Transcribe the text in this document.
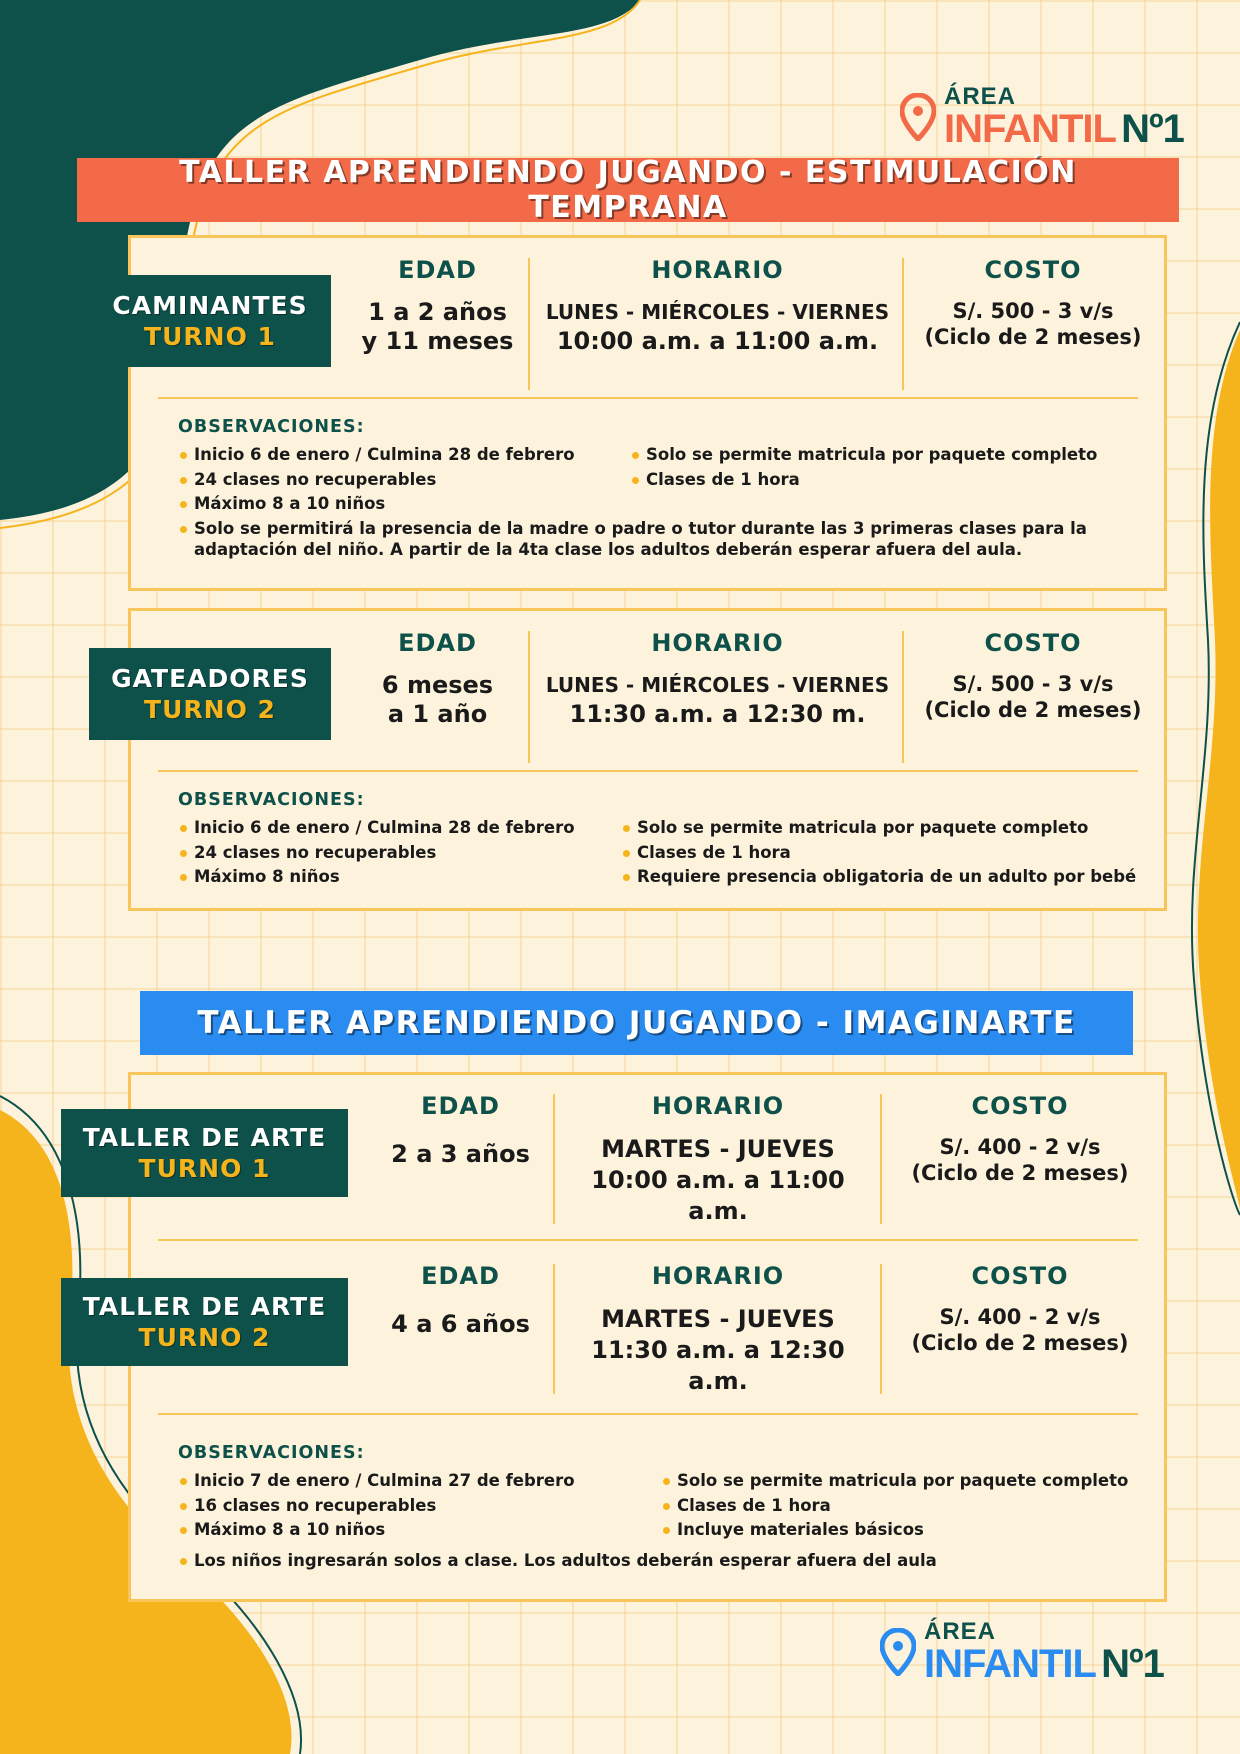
ÁREA
INFANTIL Nº1
TALLER APRENDIENDO JUGANDO - ESTIMULACIÓN TEMPRANA
CAMINANTES
TURNO 1
EDAD
1 a 2 años
y 11 meses
HORARIO
LUNES - MIÉRCOLES - VIERNES
10:00 a.m. a 11:00 a.m.
COSTO
S/. 500 - 3 v/s
(Ciclo de 2 meses)
OBSERVACIONES:
Inicio 6 de enero / Culmina 28 de febrero
24 clases no recuperables
Máximo 8 a 10 niños
Solo se permite matricula por paquete completo
Clases de 1 hora
Solo se permitirá la presencia de la madre o padre o tutor durante las 3 primeras clases para la
adaptación del niño. A partir de la 4ta clase los adultos deberán esperar afuera del aula.
GATEADORES
TURNO 2
EDAD
6 meses
a 1 año
HORARIO
LUNES - MIÉRCOLES - VIERNES
11:30 a.m. a 12:30 m.
COSTO
S/. 500 - 3 v/s
(Ciclo de 2 meses)
OBSERVACIONES:
Inicio 6 de enero / Culmina 28 de febrero
24 clases no recuperables
Máximo 8 niños
Solo se permite matricula por paquete completo
Clases de 1 hora
Requiere presencia obligatoria de un adulto por bebé
TALLER APRENDIENDO JUGANDO - IMAGINARTE
TALLER DE ARTE
TURNO 1
EDAD
2 a 3 años
HORARIO
MARTES - JUEVES
10:00 a.m. a 11:00 a.m.
COSTO
S/. 400 - 2 v/s
(Ciclo de 2 meses)
TALLER DE ARTE
TURNO 2
EDAD
4 a 6 años
HORARIO
MARTES - JUEVES
11:30 a.m. a 12:30 a.m.
COSTO
S/. 400 - 2 v/s
(Ciclo de 2 meses)
OBSERVACIONES:
Inicio 7 de enero / Culmina 27 de febrero
16 clases no recuperables
Máximo 8 a 10 niños
Solo se permite matricula por paquete completo
Clases de 1 hora
Incluye materiales básicos
Los niños ingresarán solos a clase. Los adultos deberán esperar afuera del aula
ÁREA
INFANTIL Nº1
